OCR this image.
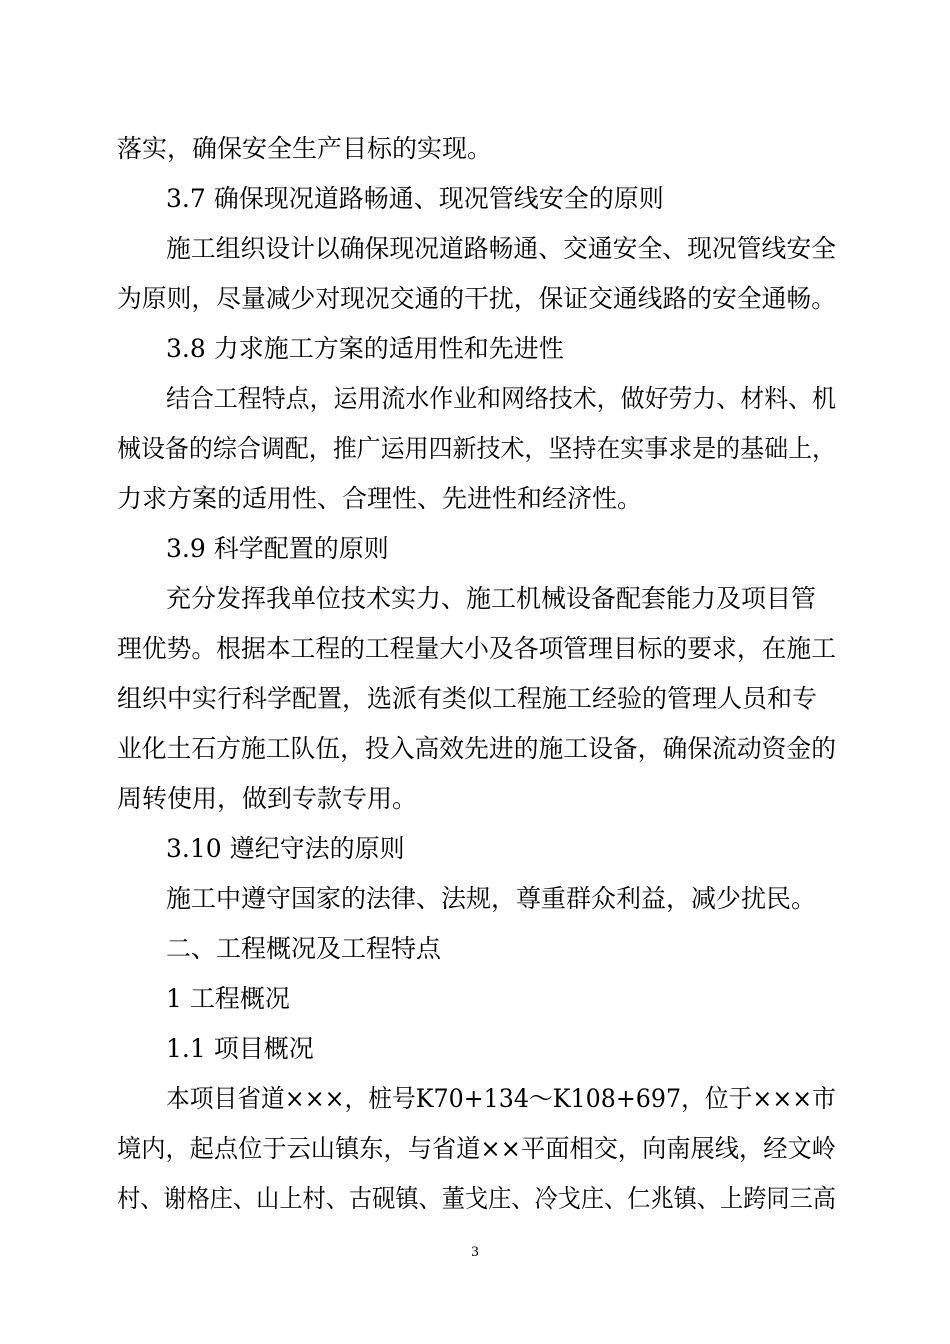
落实，确保安全生产目标的实现。
3.7 确保现况道路畅通、现况管线安全的原则
施工组织设计以确保现况道路畅通、交通安全、现况管线安全
为原则，尽量减少对现况交通的干扰，保证交通线路的安全通畅。
3.8 力求施工方案的适用性和先进性
结合工程特点，运用流水作业和网络技术，做好劳力、材料、机
械设备的综合调配，推广运用四新技术，坚持在实事求是的基础上，
力求方案的适用性、合理性、先进性和经济性。
3.9 科学配置的原则
充分发挥我单位技术实力、施工机械设备配套能力及项目管
理优势。根据本工程的工程量大小及各项管理目标的要求，在施工
组织中实行科学配置，选派有类似工程施工经验的管理人员和专
业化土石方施工队伍，投入高效先进的施工设备，确保流动资金的
周转使用，做到专款专用。
3.10 遵纪守法的原则
施工中遵守国家的法律、法规，尊重群众利益，减少扰民。
二、工程概况及工程特点
1 工程概况
1.1 项目概况
本项目省道×××，桩号K70+134～K108+697，位于×××市
境内，起点位于云山镇东，与省道××平面相交，向南展线，经文岭
村、谢格庄、山上村、古砚镇、董戈庄、冷戈庄、仁兆镇、上跨同三高
3
